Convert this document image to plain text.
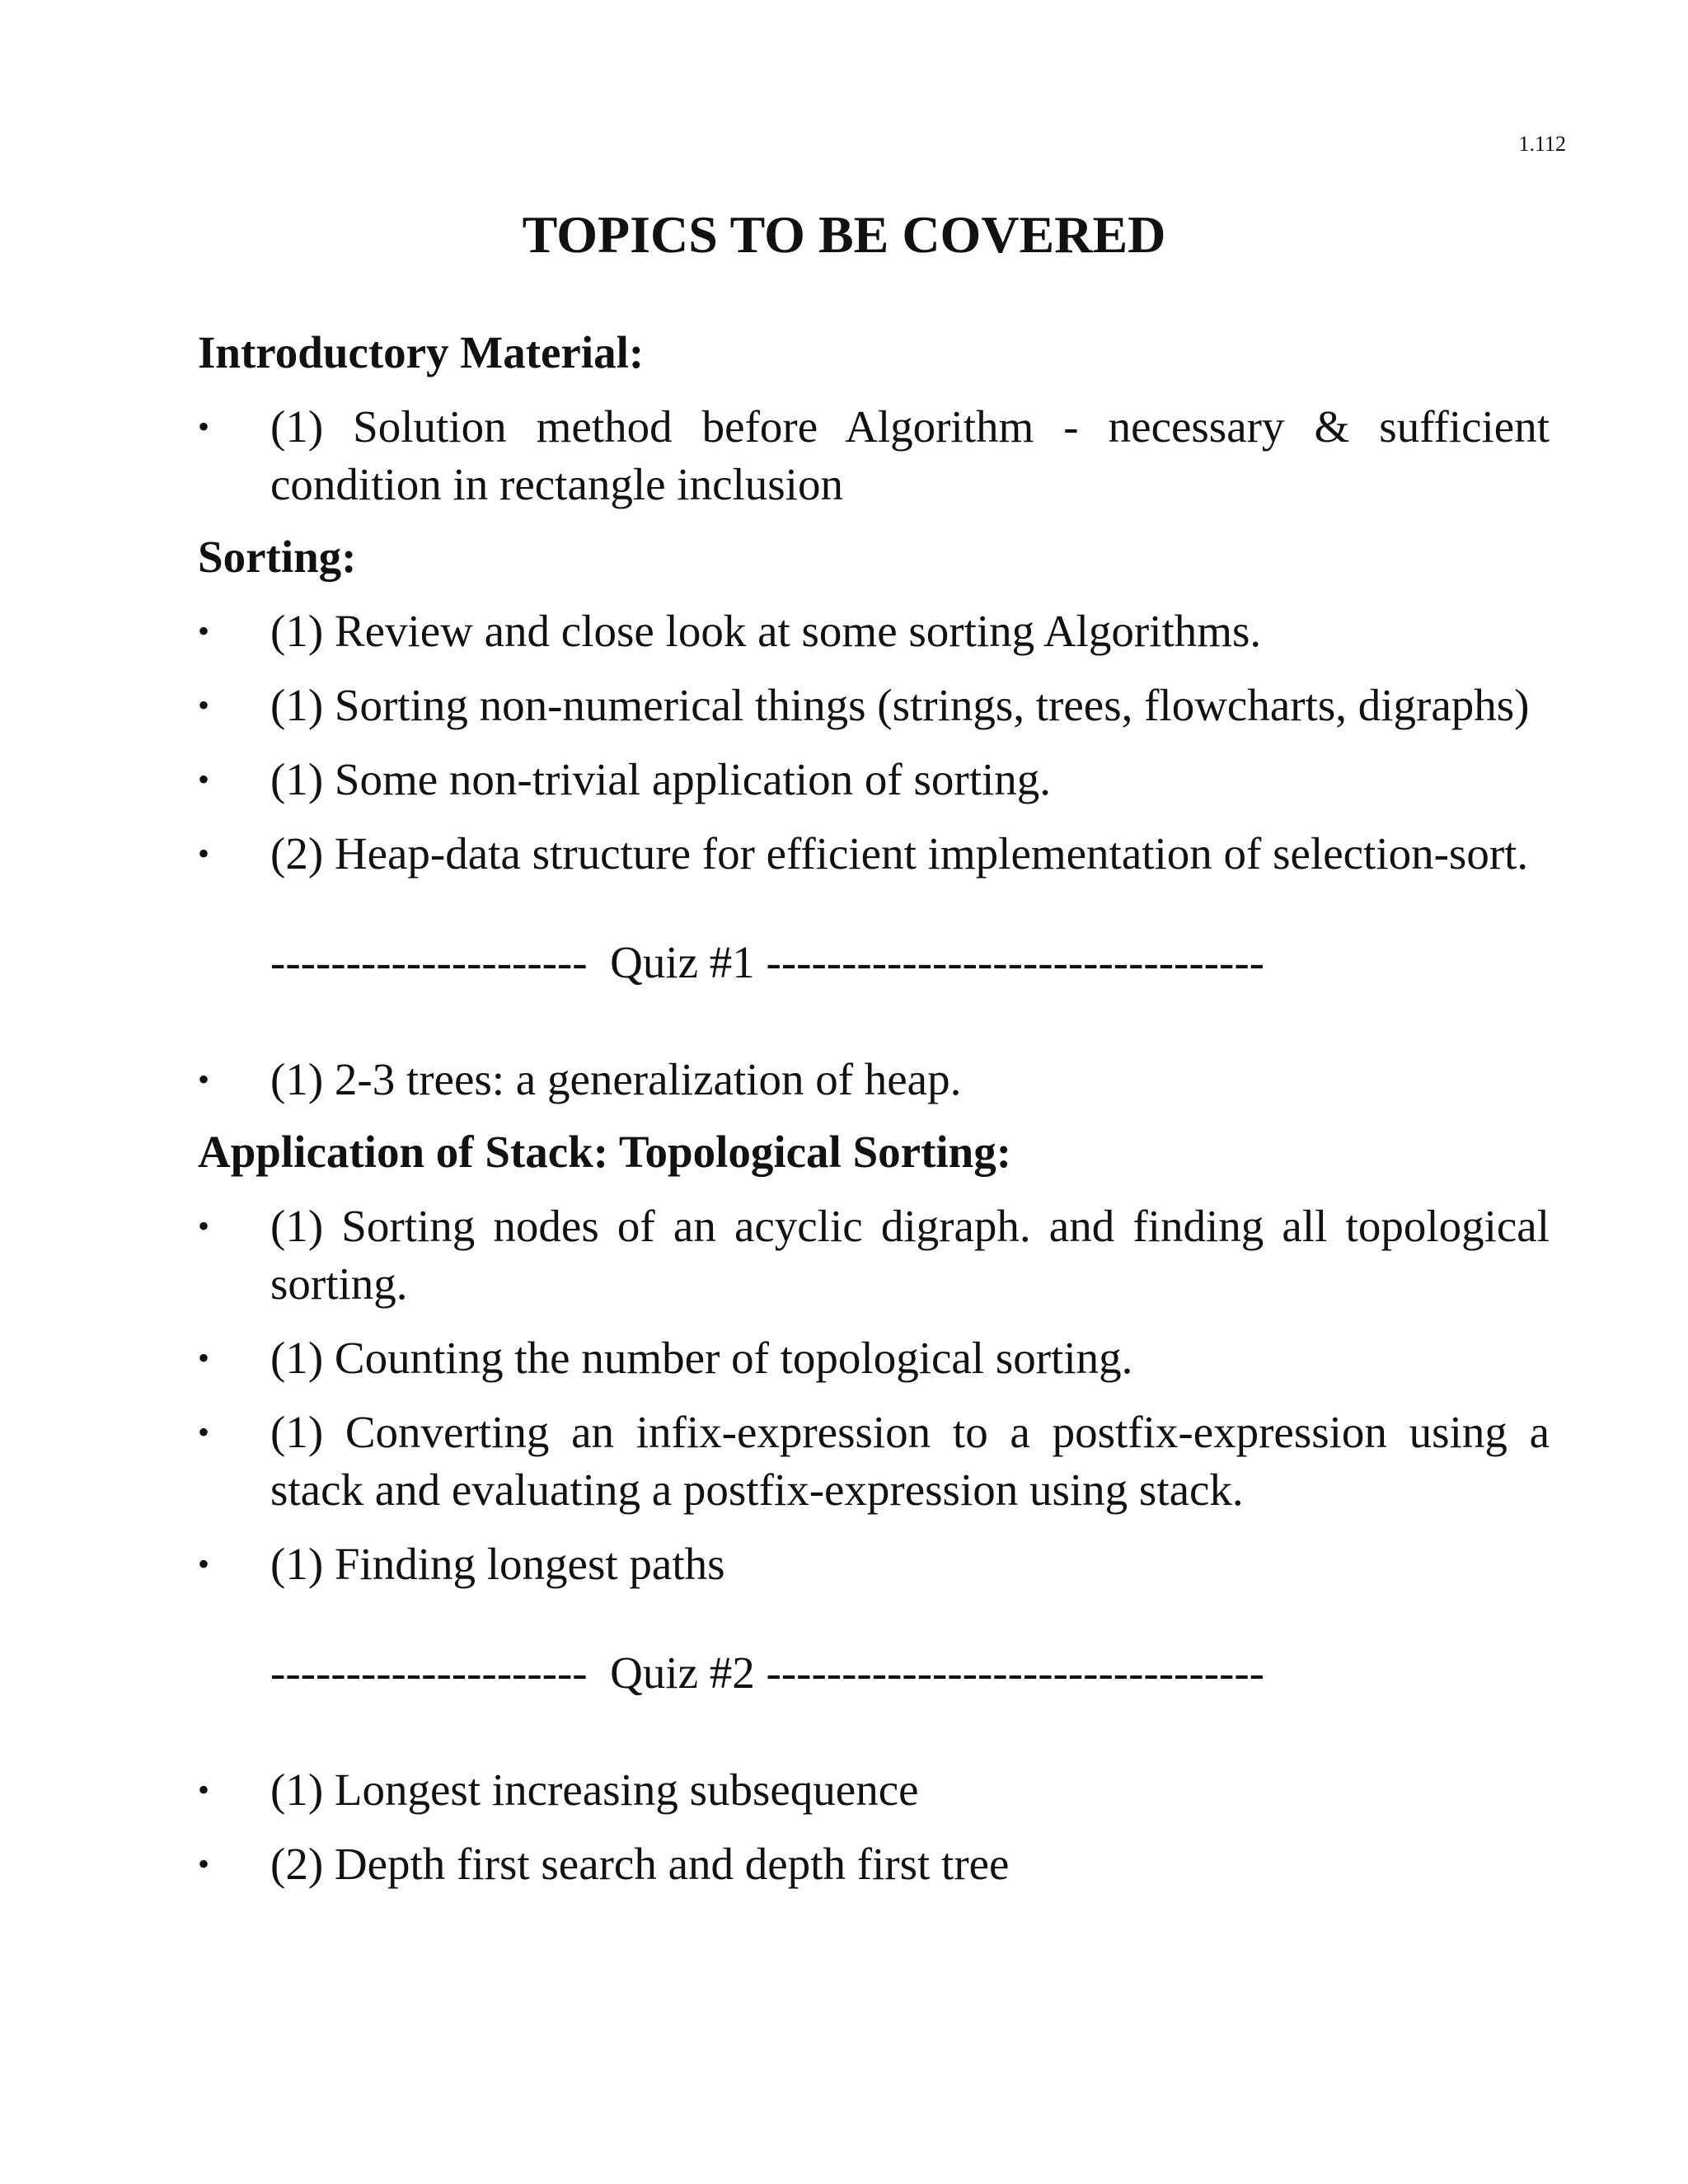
1.112
TOPICS TO BE COVERED
Introductory Material:
• (1) Solution method before Algorithm - necessary & sufficient condition in rectangle inclusion
Sorting:
• (1) Review and close look at some sorting Algorithms.
• (1) Sorting non-numerical things (strings, trees, flowcharts, digraphs)
• (1) Some non-trivial application of sorting.
• (2) Heap-data structure for efficient implementation of selection-sort.
---------------------  Quiz #1 ---------------------------------
• (1) 2-3 trees: a generalization of heap.
Application of Stack: Topological Sorting:
• (1) Sorting nodes of an acyclic digraph. and finding all topological sorting.
• (1) Counting the number of topological sorting.
• (1) Converting an infix-expression to a postfix-expression using a stack and evaluating a postfix-expression using stack.
• (1) Finding longest paths
---------------------  Quiz #2 ---------------------------------
• (1) Longest increasing subsequence
• (2) Depth first search and depth first tree
